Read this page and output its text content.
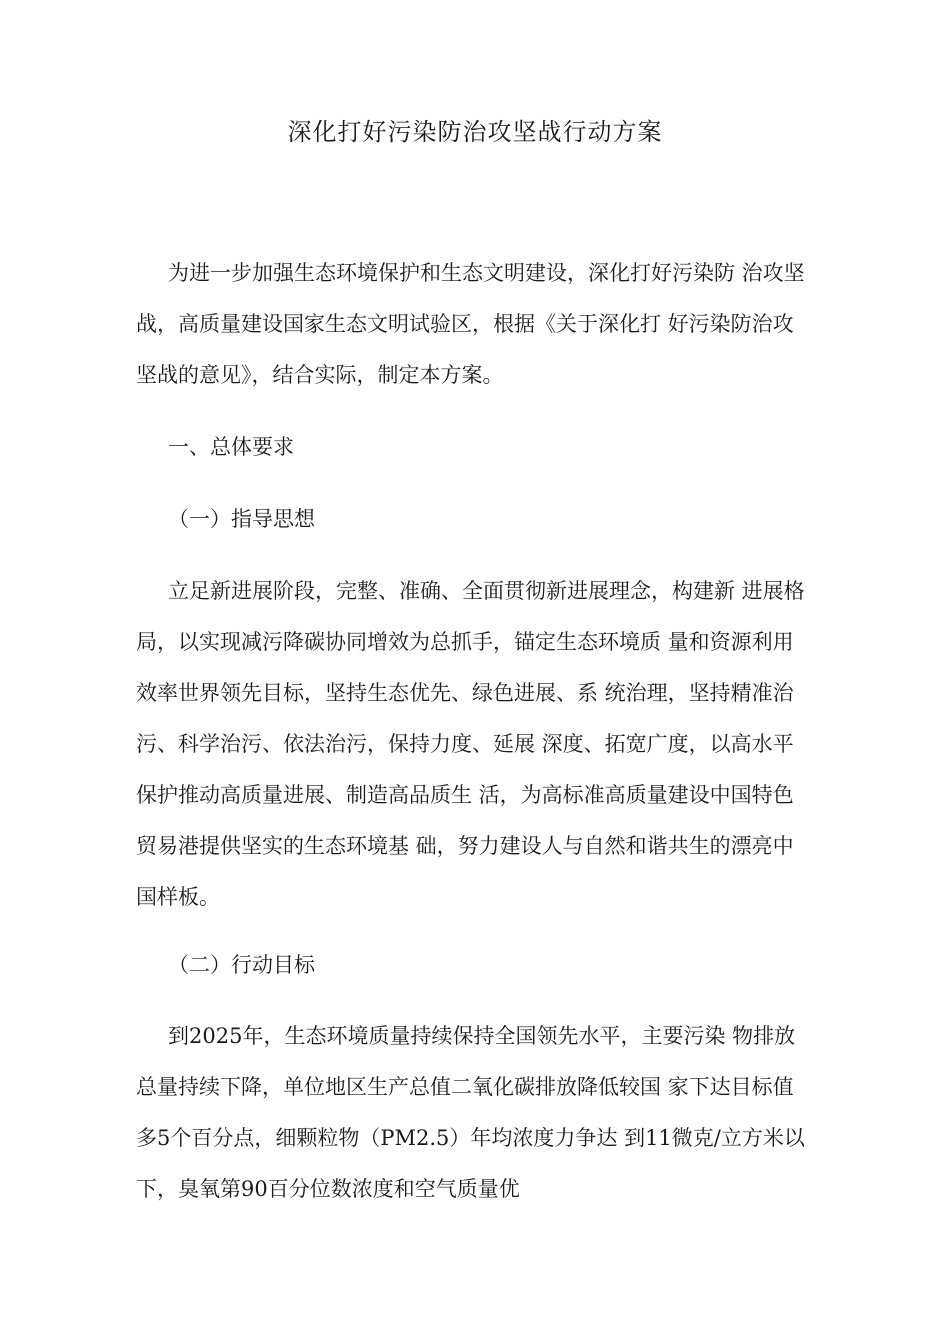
深化打好污染防治攻坚战行动方案
为进一步加强生态环境保护和生态文明建设，深化打好污染防 治攻坚
战，高质量建设国家生态文明试验区，根据《关于深化打 好污染防治攻
坚战的意见》，结合实际，制定本方案。
一、总体要求
（一）指导思想
立足新进展阶段，完整、准确、全面贯彻新进展理念，构建新 进展格
局，以实现减污降碳协同增效为总抓手，锚定生态环境质 量和资源利用
效率世界领先目标，坚持生态优先、绿色进展、系 统治理，坚持精准治
污、科学治污、依法治污，保持力度、延展 深度、拓宽广度，以高水平
保护推动高质量进展、制造高品质生 活，为高标准高质量建设中国特色
贸易港提供坚实的生态环境基 础，努力建设人与自然和谐共生的漂亮中
国样板。
（二）行动目标
到2025年，生态环境质量持续保持全国领先水平，主要污染 物排放
总量持续下降，单位地区生产总值二氧化碳排放降低较国 家下达目标值
多5个百分点，细颗粒物（PM2.5）年均浓度力争达 到11微克/立方米以
下，臭氧第90百分位数浓度和空气质量优
